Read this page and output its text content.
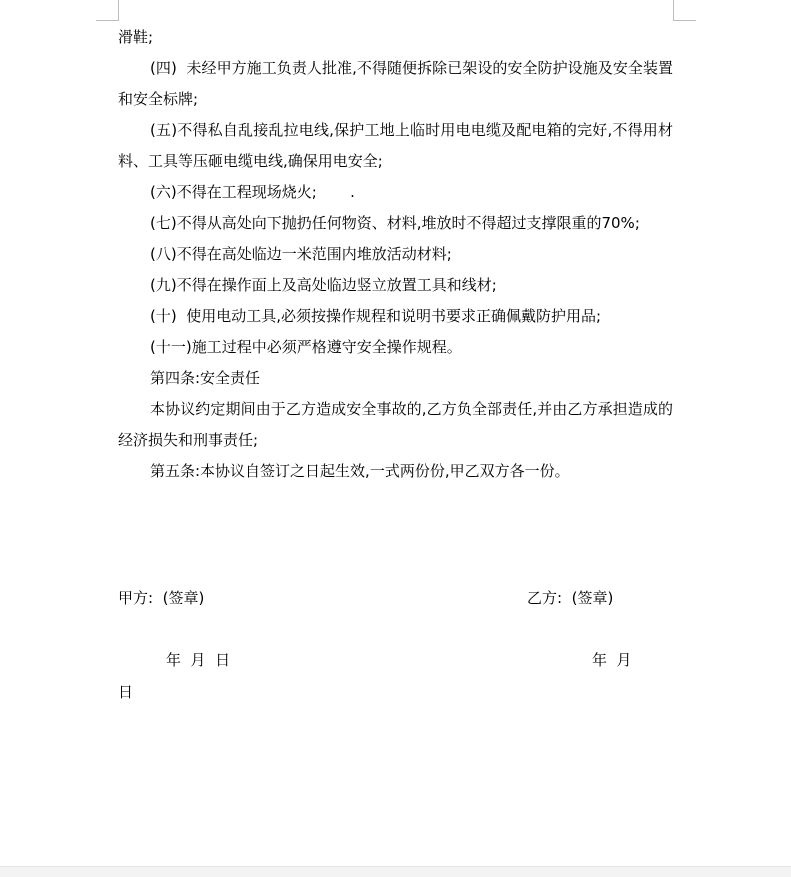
滑鞋;

(四)  未经甲方施工负责人批准,不得随便拆除已架设的安全防护设施及安全装置和安全标牌;

(五)不得私自乱接乱拉电线,保护工地上临时用电电缆及配电箱的完好,不得用材料、工具等压砸电缆电线,确保用电安全;

(六)不得在工程现场烧火;       .

(七)不得从高处向下抛扔任何物资、材料,堆放时不得超过支撑限重的70%;

(八)不得在高处临边一米范围内堆放活动材料;

(九)不得在操作面上及高处临边竖立放置工具和线材;

(十)  使用电动工具,必须按操作规程和说明书要求正确佩戴防护用品;

(十一)施工过程中必须严格遵守安全操作规程。

第四条:安全责任

本协议约定期间由于乙方造成安全事故的,乙方负全部责任,并由乙方承担造成的经济损失和刑事责任;

第五条:本协议自签订之日起生效,一式两份份,甲乙双方各一份。

甲方:  (签章)	乙方:  (签章)
年  月  日	年  月
日
